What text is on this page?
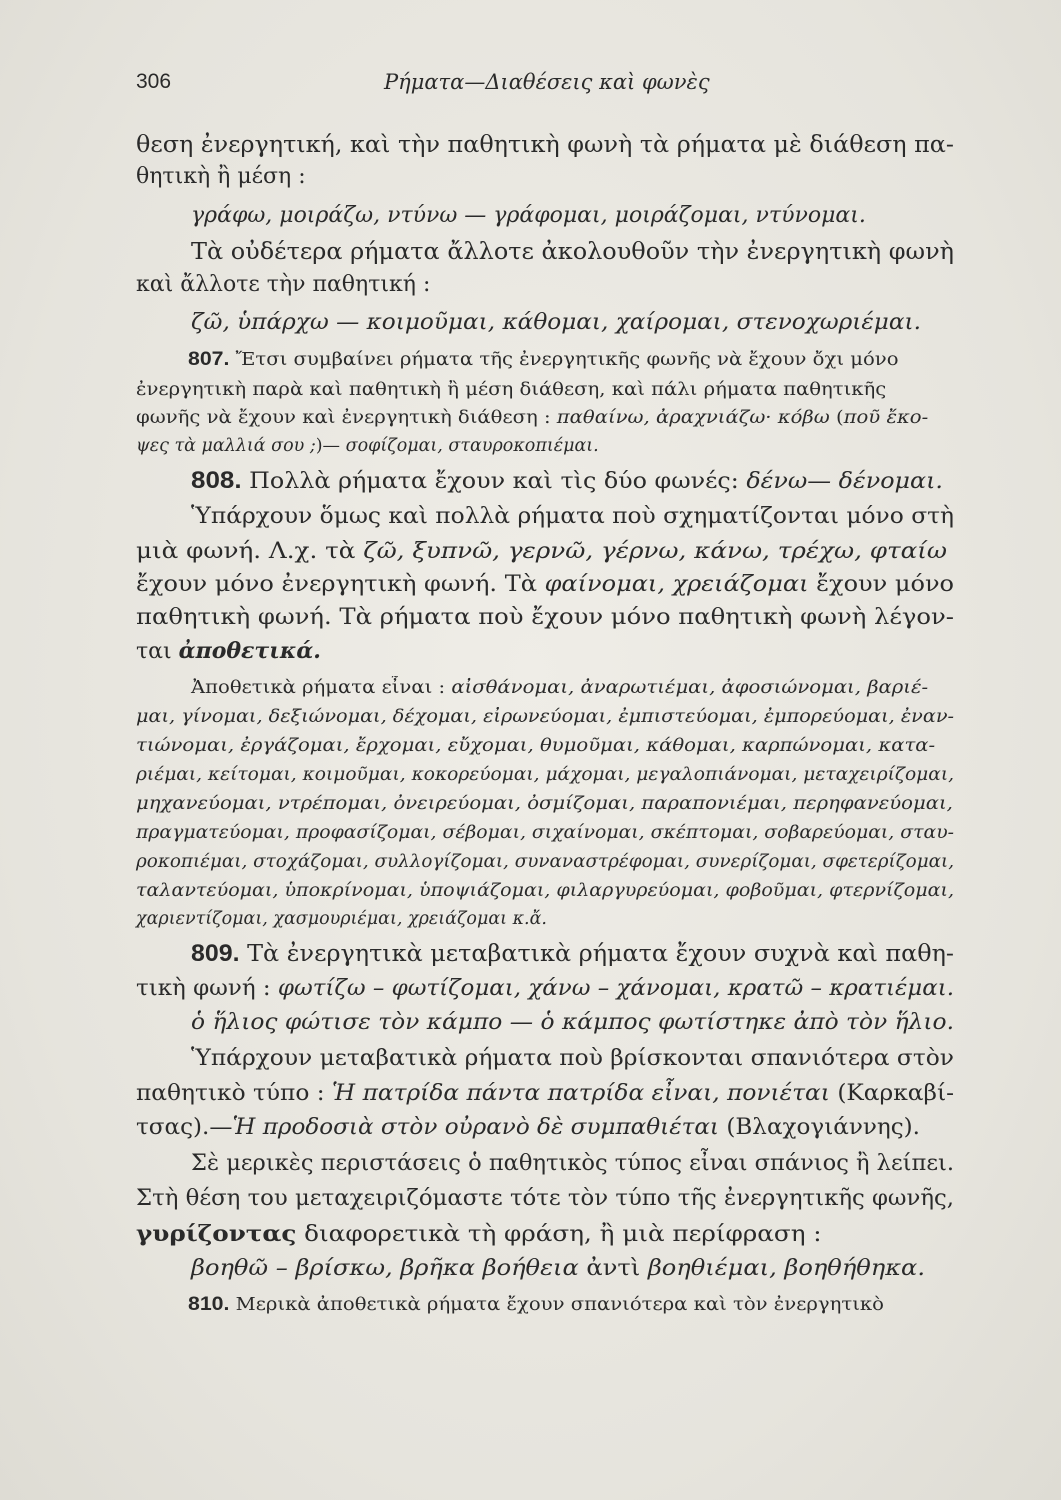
306	Ρήματα—Διαθέσεις καὶ φωνὲς
θεση ἐνεργητική, καὶ τὴν παθητικὴ φωνὴ τὰ ρήματα μὲ διάθεση πα-
θητικὴ ἢ μέση :
γράφω, μοιράζω, ντύνω — γράφομαι, μοιράζομαι, ντύνομαι.
Τὰ οὐδέτερα ρήματα ἄλλοτε ἀκολουθοῦν τὴν ἐνεργητικὴ φωνὴ
καὶ ἄλλοτε τὴν παθητική :
ζῶ, ὑπάρχω — κοιμοῦμαι, κάθομαι, χαίρομαι, στενοχωριέμαι.
807. Ἔτσι συμβαίνει ρήματα τῆς ἐνεργητικῆς φωνῆς νὰ ἔχουν ὄχι μόνο
ἐνεργητικὴ παρὰ καὶ παθητικὴ ἢ μέση διάθεση, καὶ πάλι ρήματα παθητικῆς
φωνῆς νὰ ἔχουν καὶ ἐνεργητικὴ διάθεση : παθαίνω, ἀραχνιάζω· κόβω (ποῦ ἔκο-
ψες τὰ μαλλιά σου ;)— σοφίζομαι, σταυροκοπιέμαι.
808. Πολλὰ ρήματα ἔχουν καὶ τὶς δύο φωνές: δένω— δένομαι.
Ὑπάρχουν ὅμως καὶ πολλὰ ρήματα ποὺ σχηματίζονται μόνο στὴ
μιὰ φωνή. Λ.χ. τὰ ζῶ, ξυπνῶ, γερνῶ, γέρνω, κάνω, τρέχω, φταίω
ἔχουν μόνο ἐνεργητικὴ φωνή. Τὰ φαίνομαι, χρειάζομαι ἔχουν μόνο
παθητικὴ φωνή. Τὰ ρήματα ποὺ ἔχουν μόνο παθητικὴ φωνὴ λέγον-
ται ἀποθετικά.
Ἀποθετικὰ ρήματα εἶναι : αἰσθάνομαι, ἀναρωτιέμαι, ἀφοσιώνομαι, βαριέ-
μαι, γίνομαι, δεξιώνομαι, δέχομαι, εἰρωνεύομαι, ἐμπιστεύομαι, ἐμπορεύομαι, ἐναν-
τιώνομαι, ἐργάζομαι, ἔρχομαι, εὔχομαι, θυμοῦμαι, κάθομαι, καρπώνομαι, κατα-
ριέμαι, κείτομαι, κοιμοῦμαι, κοκορεύομαι, μάχομαι, μεγαλοπιάνομαι, μεταχειρίζομαι,
μηχανεύομαι, ντρέπομαι, ὀνειρεύομαι, ὀσμίζομαι, παραπονιέμαι, περηφανεύομαι,
πραγματεύομαι, προφασίζομαι, σέβομαι, σιχαίνομαι, σκέπτομαι, σοβαρεύομαι, σταυ-
ροκοπιέμαι, στοχάζομαι, συλλογίζομαι, συναναστρέφομαι, συνερίζομαι, σφετερίζομαι,
ταλαντεύομαι, ὑποκρίνομαι, ὑποψιάζομαι, φιλαργυρεύομαι, φοβοῦμαι, φτερνίζομαι,
χαριεντίζομαι, χασμουριέμαι, χρειάζομαι κ.ἄ.
809. Τὰ ἐνεργητικὰ μεταβατικὰ ρήματα ἔχουν συχνὰ καὶ παθη-
τικὴ φωνή : φωτίζω – φωτίζομαι, χάνω – χάνομαι, κρατῶ – κρατιέμαι.
ὁ ἥλιος φώτισε τὸν κάμπο — ὁ κάμπος φωτίστηκε ἀπὸ τὸν ἥλιο.
Ὑπάρχουν μεταβατικὰ ρήματα ποὺ βρίσκονται σπανιότερα στὸν
παθητικὸ τύπο : Ἡ πατρίδα πάντα πατρίδα εἶναι, πονιέται (Καρκαβί-
τσας).—Ἡ προδοσιὰ στὸν οὐρανὸ δὲ συμπαθιέται (Βλαχογιάννης).
Σὲ μερικὲς περιστάσεις ὁ παθητικὸς τύπος εἶναι σπάνιος ἢ λείπει.
Στὴ θέση του μεταχειριζόμαστε τότε τὸν τύπο τῆς ἐνεργητικῆς φωνῆς,
γυρίζοντας διαφορετικὰ τὴ φράση, ἢ μιὰ περίφραση :
βοηθῶ – βρίσκω, βρῆκα βοήθεια ἀντὶ βοηθιέμαι, βοηθήθηκα.
810. Μερικὰ ἀποθετικὰ ρήματα ἔχουν σπανιότερα καὶ τὸν ἐνεργητικὸ
